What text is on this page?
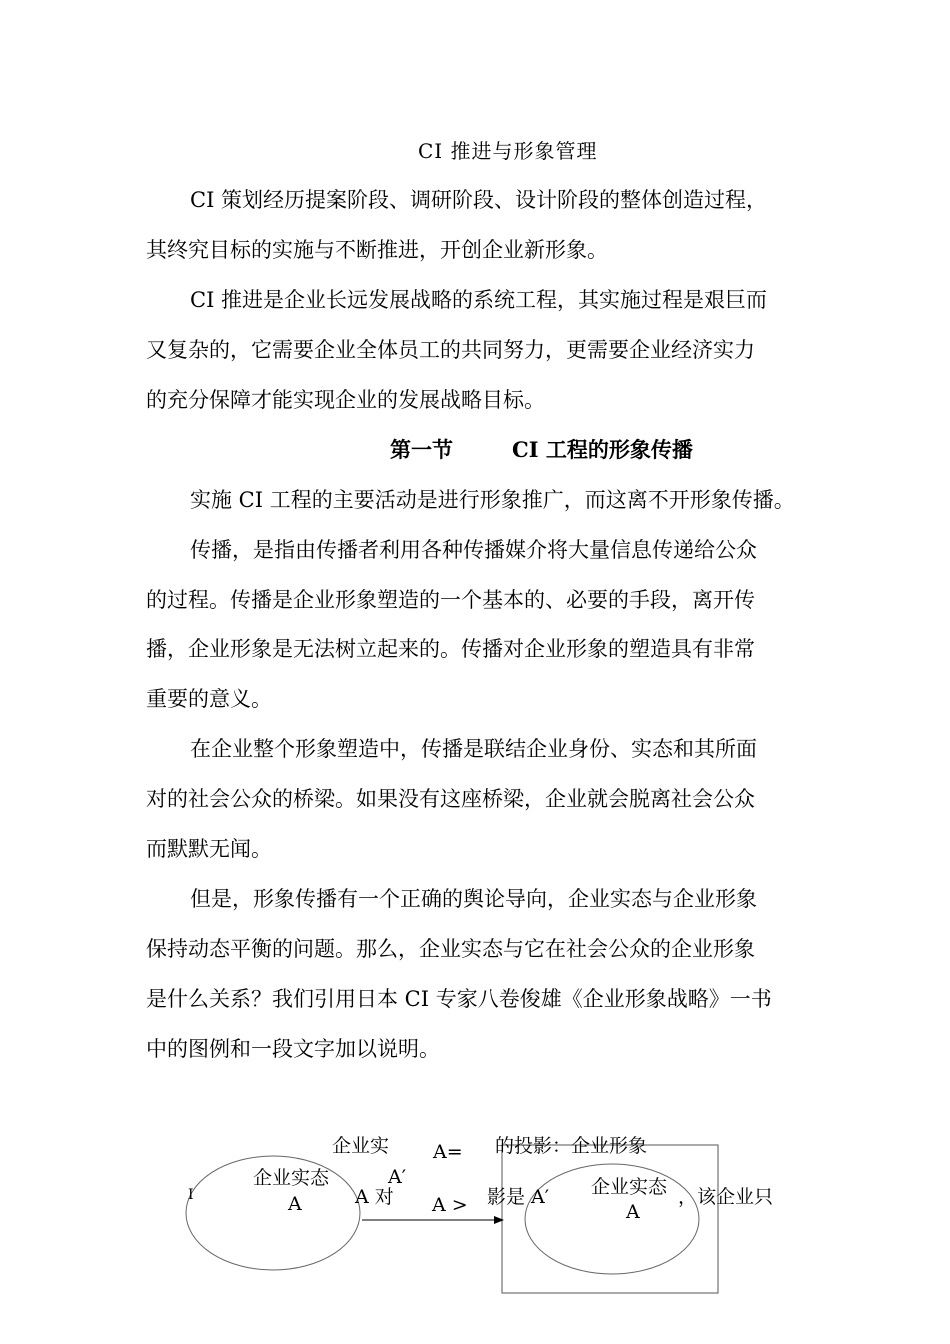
CI 推进与形象管理
CI 策划经历提案阶段、调研阶段、设计阶段的整体创造过程，
其终究目标的实施与不断推进，开创企业新形象。
CI 推进是企业长远发展战略的系统工程，其实施过程是艰巨而
又复杂的，它需要企业全体员工的共同努力，更需要企业经济实力
的充分保障才能实现企业的发展战略目标。
第一节	CI 工程的形象传播
实施 CI 工程的主要活动是进行形象推广，而这离不开形象传播。
传播，是指由传播者利用各种传播媒介将大量信息传递给公众
的过程。传播是企业形象塑造的一个基本的、必要的手段，离开传
播，企业形象是无法树立起来的。传播对企业形象的塑造具有非常
重要的意义。
在企业整个形象塑造中，传播是联结企业身份、实态和其所面
对的社会公众的桥梁。如果没有这座桥梁，企业就会脱离社会公众
而默默无闻。
但是，形象传播有一个正确的舆论导向，企业实态与企业形象
保持动态平衡的问题。那么，企业实态与它在社会公众的企业形象
是什么关系？我们引用日本 CI 专家八卷俊雄《企业形象战略》一书
中的图例和一段文字加以说明。
企业实	的投影：企业形象
A=
A′
I	A 对 A > 影是 A′	，该企业只
企业实态
A
企业实态
A
